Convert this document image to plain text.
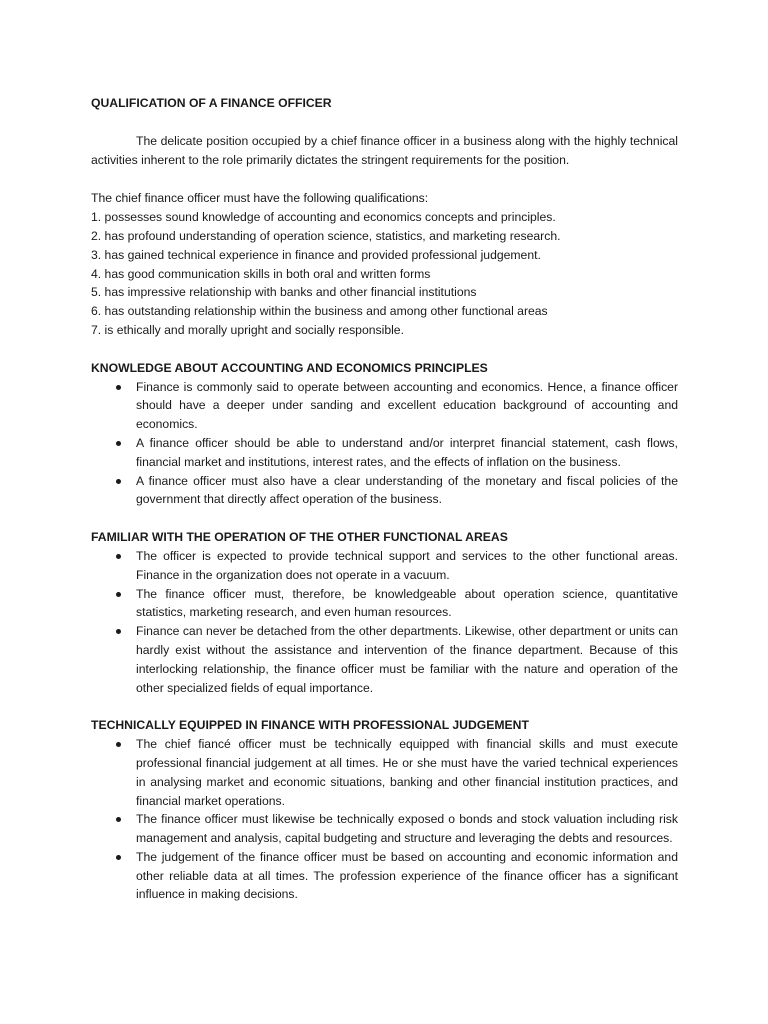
QUALIFICATION OF A FINANCE OFFICER

The delicate position occupied by a chief finance officer in a business along with the highly technical activities inherent to the role primarily dictates the stringent requirements for the position.

The chief finance officer must have the following qualifications:

1. possesses sound knowledge of accounting and economics concepts and principles.
2. has profound understanding of operation science, statistics, and marketing research.
3. has gained technical experience in finance and provided professional judgement.
4. has good communication skills in both oral and written forms
5. has impressive relationship with banks and other financial institutions
6. has outstanding relationship within the business and among other functional areas
7. is ethically and morally upright and socially responsible.

KNOWLEDGE ABOUT ACCOUNTING AND ECONOMICS PRINCIPLES

Finance is commonly said to operate between accounting and economics. Hence, a finance officer should have a deeper under sanding and excellent education background of accounting and economics.
A finance officer should be able to understand and/or interpret financial statement, cash flows, financial market and institutions, interest rates, and the effects of inflation on the business.
A finance officer must also have a clear understanding of the monetary and fiscal policies of the government that directly affect operation of the business.

FAMILIAR WITH THE OPERATION OF THE OTHER FUNCTIONAL AREAS

The officer is expected to provide technical support and services to the other functional areas. Finance in the organization does not operate in a vacuum.
The finance officer must, therefore, be knowledgeable about operation science, quantitative statistics, marketing research, and even human resources.
Finance can never be detached from the other departments. Likewise, other department or units can hardly exist without the assistance and intervention of the finance department. Because of this interlocking relationship, the finance officer must be familiar with the nature and operation of the other specialized fields of equal importance.

TECHNICALLY EQUIPPED IN FINANCE WITH PROFESSIONAL JUDGEMENT

The chief fiancé officer must be technically equipped with financial skills and must execute professional financial judgement at all times. He or she must have the varied technical experiences in analysing market and economic situations, banking and other financial institution practices, and financial market operations.
The finance officer must likewise be technically exposed o bonds and stock valuation including risk management and analysis, capital budgeting and structure and leveraging the debts and resources.
The judgement of the finance officer must be based on accounting and economic information and other reliable data at all times. The profession experience of the finance officer has a significant influence in making decisions.
